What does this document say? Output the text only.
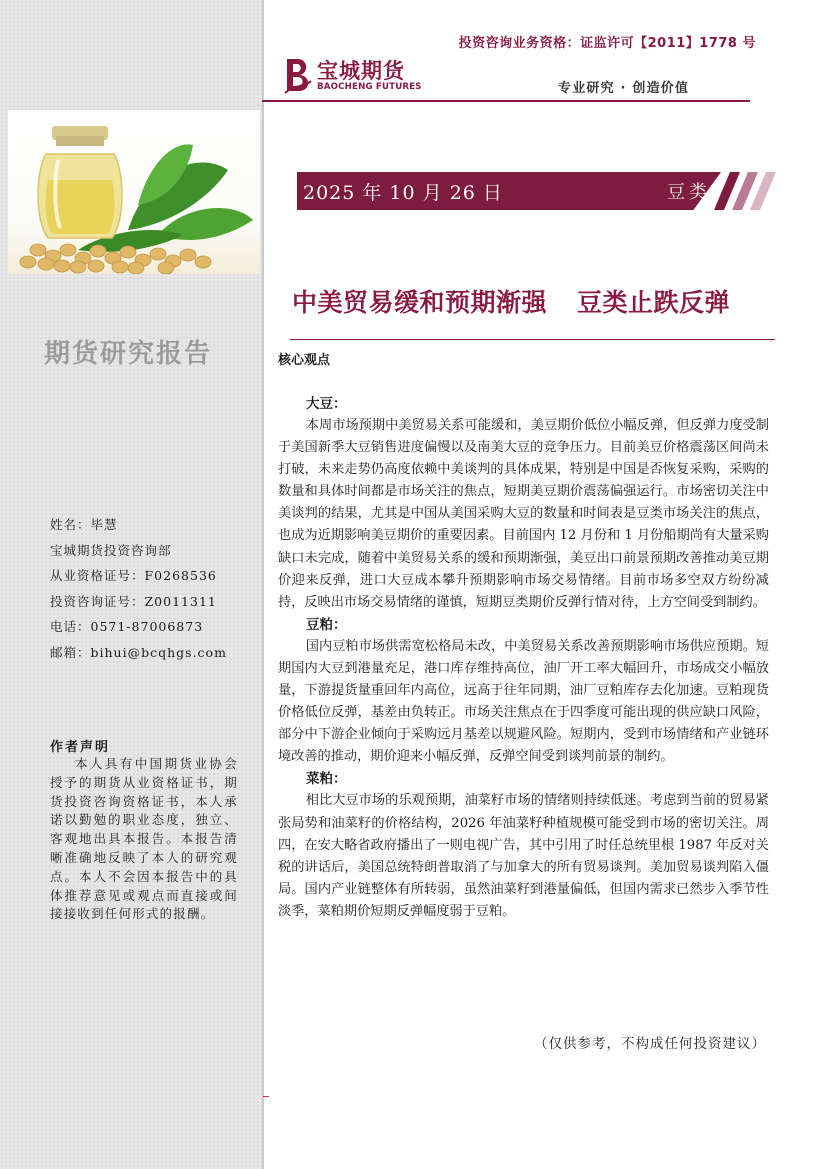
期货研究报告
姓名：毕慧
宝城期货投资咨询部
从业资格证号：F0268536
投资咨询证号：Z0011311
电话：0571-87006873
邮箱：bihui@bcqhgs.com
作者声明
本人具有中国期货业协会授予的期货从业资格证书，期货投资咨询资格证书，本人承诺以勤勉的职业态度，独立、客观地出具本报告。本报告清晰准确地反映了本人的研究观点。本人不会因本报告中的具体推荐意见或观点而直接或间接接收到任何形式的报酬。
投资咨询业务资格：证监许可【2011】1778 号
宝城期货
BAOCHENG FUTURES	专业研究 · 创造价值
2025 年 10 月 26 日	豆类
中美贸易缓和预期渐强 豆类止跌反弹
核心观点
大豆：

本周市场预期中美贸易关系可能缓和，美豆期价低位小幅反弹，但反弹力度受制于美国新季大豆销售进度偏慢以及南美大豆的竞争压力。目前美豆价格震荡区间尚未打破，未来走势仍高度依赖中美谈判的具体成果，特别是中国是否恢复采购，采购的数量和具体时间都是市场关注的焦点，短期美豆期价震荡偏强运行。市场密切关注中美谈判的结果，尤其是中国从美国采购大豆的数量和时间表是豆类市场关注的焦点，也成为近期影响美豆期价的重要因素。目前国内 12 月份和 1 月份船期尚有大量采购缺口未完成，随着中美贸易关系的缓和预期渐强，美豆出口前景预期改善推动美豆期价迎来反弹，进口大豆成本攀升预期影响市场交易情绪。目前市场多空双方纷纷减持，反映出市场交易情绪的谨慎，短期豆类期价反弹行情对待，上方空间受到制约。

豆粕：

国内豆粕市场供需宽松格局未改，中美贸易关系改善预期影响市场供应预期。短期国内大豆到港量充足，港口库存维持高位，油厂开工率大幅回升，市场成交小幅放量，下游提货量重回年内高位，远高于往年同期，油厂豆粕库存去化加速。豆粕现货价格低位反弹，基差由负转正。市场关注焦点在于四季度可能出现的供应缺口风险，部分中下游企业倾向于采购远月基差以规避风险。短期内，受到市场情绪和产业链环境改善的推动，期价迎来小幅反弹，反弹空间受到谈判前景的制约。

菜粕：

相比大豆市场的乐观预期，油菜籽市场的情绪则持续低迷。考虑到当前的贸易紧张局势和油菜籽的价格结构，2026 年油菜籽种植规模可能受到市场的密切关注。周四，在安大略省政府播出了一则电视广告，其中引用了时任总统里根 1987 年反对关税的讲话后，美国总统特朗普取消了与加拿大的所有贸易谈判。美加贸易谈判陷入僵局。国内产业链整体有所转弱，虽然油菜籽到港量偏低，但国内需求已然步入季节性淡季，菜粕期价短期反弹幅度弱于豆粕。

（仅供参考，不构成任何投资建议）
